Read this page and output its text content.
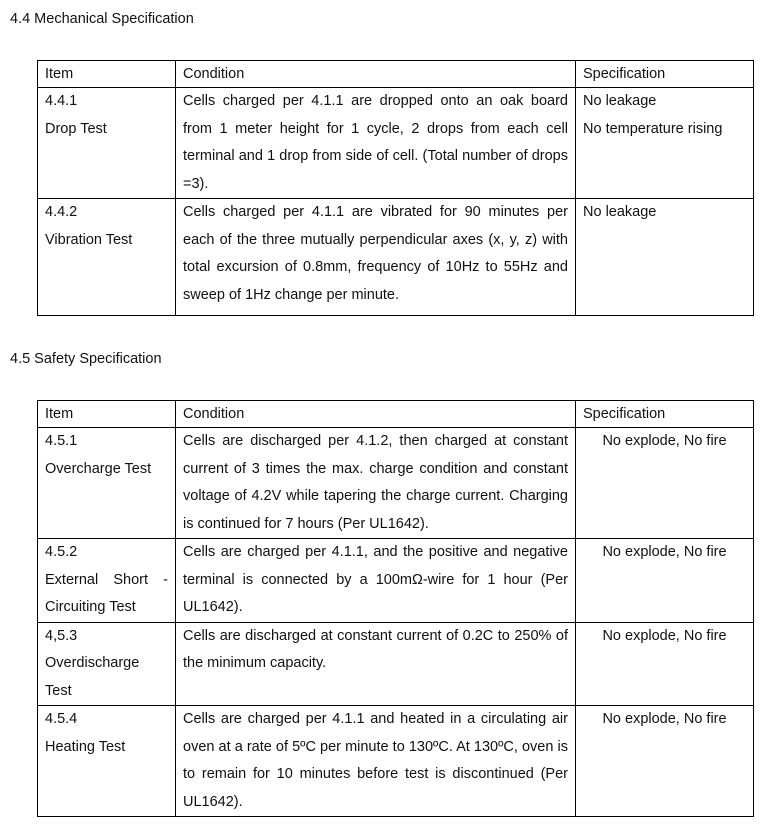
4.4 Mechanical Specification
Item	Condition	Specification

4.4.1
Drop Test	Cells charged per 4.1.1 are dropped onto an oak board from 1 meter height for 1 cycle, 2 drops from each cell terminal and 1 drop from side of cell. (Total number of drops =3).	No leakage
No temperature rising

4.4.2
Vibration Test	Cells charged per 4.1.1 are vibrated for 90 minutes per each of the three mutually perpendicular axes (x, y, z) with total excursion of 0.8mm, frequency of 10Hz to 55Hz and sweep of 1Hz change per minute.	No leakage
4.5 Safety Specification
Item	Condition	Specification

4.5.1
Overcharge Test	Cells are discharged per 4.1.2, then charged at constant current of 3 times the max. charge condition and constant voltage of 4.2V while tapering the charge current. Charging is continued for 7 hours (Per UL1642).	No explode, No fire

4.5.2
External Short - Circuiting Test	Cells are charged per 4.1.1, and the positive and negative terminal is connected by a 100mΩ-wire for 1 hour (Per UL1642).	No explode, No fire

4,5.3
Overdischarge Test	Cells are discharged at constant current of 0.2C to 250% of the minimum capacity.	No explode, No fire

4.5.4
Heating Test	Cells are charged per 4.1.1 and heated in a circulating air oven at a rate of 5ºC per minute to 130ºC. At 130ºC, oven is to remain for 10 minutes before test is discontinued (Per UL1642).	No explode, No fire
